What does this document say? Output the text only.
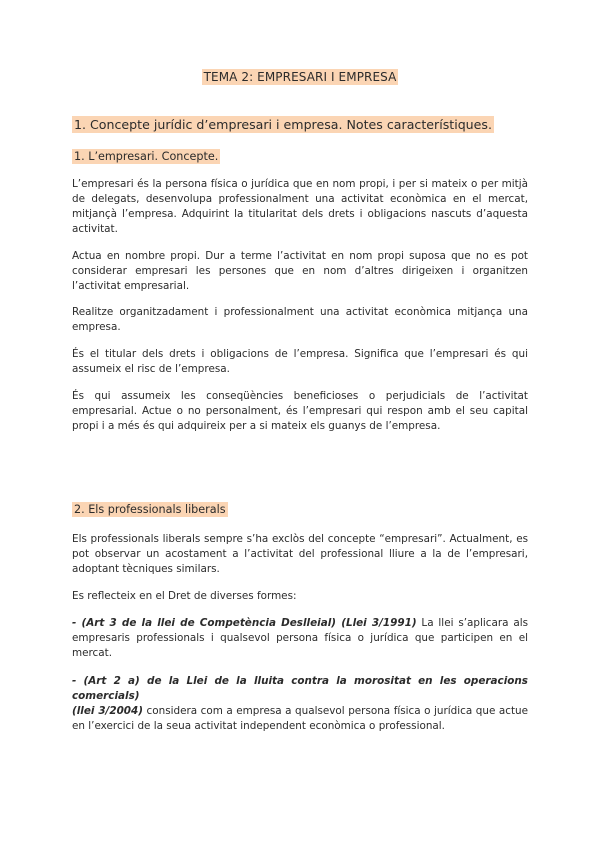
TEMA 2: EMPRESARI I EMPRESA
1. Concepte jurídic d’empresari i empresa. Notes característiques.
1. L’empresari. Concepte.

L’empresari és la persona física o jurídica que en nom propi, i per si mateix o per mitjà de delegats, desenvolupa professionalment una activitat econòmica en el mercat, mitjançà l’empresa. Adquirint la titularitat dels drets i obligacions nascuts d’aquesta activitat.

Actua en nombre propi. Dur a terme l’activitat en nom propi suposa que no es pot considerar empresari les persones que en nom d’altres dirigeixen i organitzen l’activitat empresarial.

Realitze organitzadament i professionalment una activitat econòmica mitjança una empresa.

És el titular dels drets i obligacions de l’empresa. Significa que l’empresari és qui assumeix el risc de l’empresa.

És qui assumeix les conseqüències beneficioses o perjudicials de l’activitat empresarial. Actue o no personalment, és l’empresari qui respon amb el seu capital propi i a més és qui adquireix per a si mateix els guanys de l’empresa.

2. Els professionals liberals

Els professionals liberals sempre s’ha exclòs del concepte “empresari”. Actualment, es pot observar un acostament a l’activitat del professional lliure a la de l’empresari, adoptant tècniques similars.

Es reflecteix en el Dret de diverses formes:

- (Art 3 de la llei de Competència Deslleial) (Llei 3/1991) La llei s’aplicara als empresaris professionals i qualsevol persona física o jurídica que participen en el mercat.

- (Art 2 a) de la Llei de la lluita contra la morositat en les operacions comercials)
(llei 3/2004) considera com a empresa a qualsevol persona física o jurídica que actue en l’exercici de la seua activitat independent econòmica o professional.
